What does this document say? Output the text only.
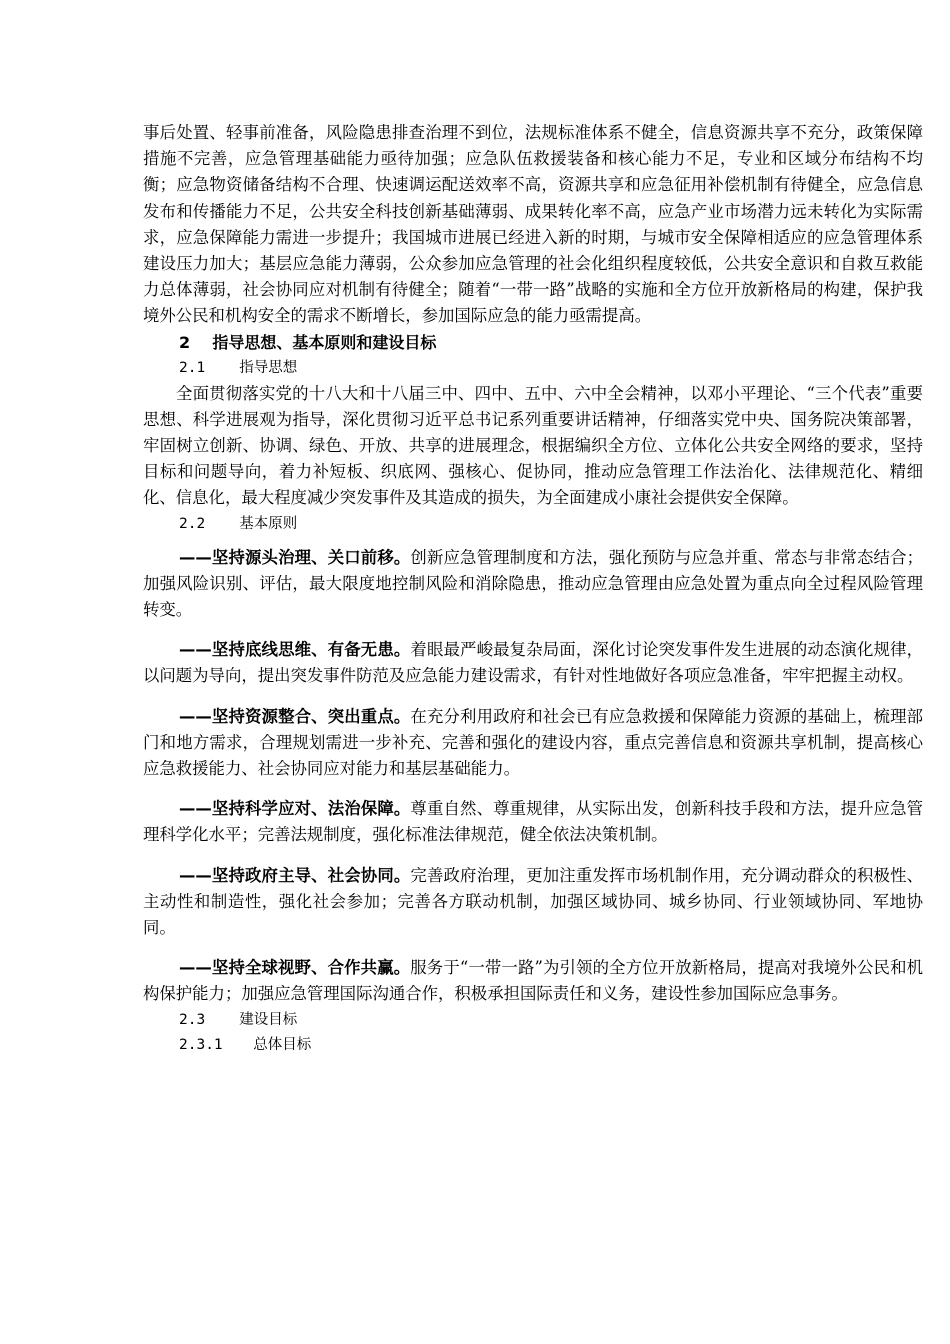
事后处置、轻事前准备，风险隐患排查治理不到位，法规标准体系不健全，信息资源共享不充分，政策保障措施不完善，应急管理基础能力亟待加强；应急队伍救援装备和核心能力不足，专业和区域分布结构不均衡；应急物资储备结构不合理、快速调运配送效率不高，资源共享和应急征用补偿机制有待健全，应急信息发布和传播能力不足，公共安全科技创新基础薄弱、成果转化率不高，应急产业市场潜力远未转化为实际需求，应急保障能力需进一步提升；我国城市进展已经进入新的时期，与城市安全保障相适应的应急管理体系建设压力加大；基层应急能力薄弱，公众参加应急管理的社会化组织程度较低，公共安全意识和自救互救能力总体薄弱，社会协同应对机制有待健全；随着“一带一路”战略的实施和全方位开放新格局的构建，保护我境外公民和机构安全的需求不断增长，参加国际应急的能力亟需提高。

2 指导思想、基本原则和建设目标

2.1 指导思想

全面贯彻落实党的十八大和十八届三中、四中、五中、六中全会精神，以邓小平理论、“三个代表”重要思想、科学进展观为指导，深化贯彻习近平总书记系列重要讲话精神，仔细落实党中央、国务院决策部署，牢固树立创新、协调、绿色、开放、共享的进展理念，根据编织全方位、立体化公共安全网络的要求，坚持目标和问题导向，着力补短板、织底网、强核心、促协同，推动应急管理工作法治化、法律规范化、精细化、信息化，最大程度减少突发事件及其造成的损失，为全面建成小康社会提供安全保障。

2.2 基本原则

——坚持源头治理、关口前移。创新应急管理制度和方法，强化预防与应急并重、常态与非常态结合；加强风险识别、评估，最大限度地控制风险和消除隐患，推动应急管理由应急处置为重点向全过程风险管理转变。

——坚持底线思维、有备无患。着眼最严峻最复杂局面，深化讨论突发事件发生进展的动态演化规律，以问题为导向，提出突发事件防范及应急能力建设需求，有针对性地做好各项应急准备，牢牢把握主动权。

——坚持资源整合、突出重点。在充分利用政府和社会已有应急救援和保障能力资源的基础上，梳理部门和地方需求，合理规划需进一步补充、完善和强化的建设内容，重点完善信息和资源共享机制，提高核心应急救援能力、社会协同应对能力和基层基础能力。

——坚持科学应对、法治保障。尊重自然、尊重规律，从实际出发，创新科技手段和方法，提升应急管理科学化水平；完善法规制度，强化标准法律规范，健全依法决策机制。

——坚持政府主导、社会协同。完善政府治理，更加注重发挥市场机制作用，充分调动群众的积极性、主动性和制造性，强化社会参加；完善各方联动机制，加强区域协同、城乡协同、行业领域协同、军地协同。

——坚持全球视野、合作共赢。服务于“一带一路”为引领的全方位开放新格局，提高对我境外公民和机构保护能力；加强应急管理国际沟通合作，积极承担国际责任和义务，建设性参加国际应急事务。

2.3 建设目标

2.3.1 总体目标
